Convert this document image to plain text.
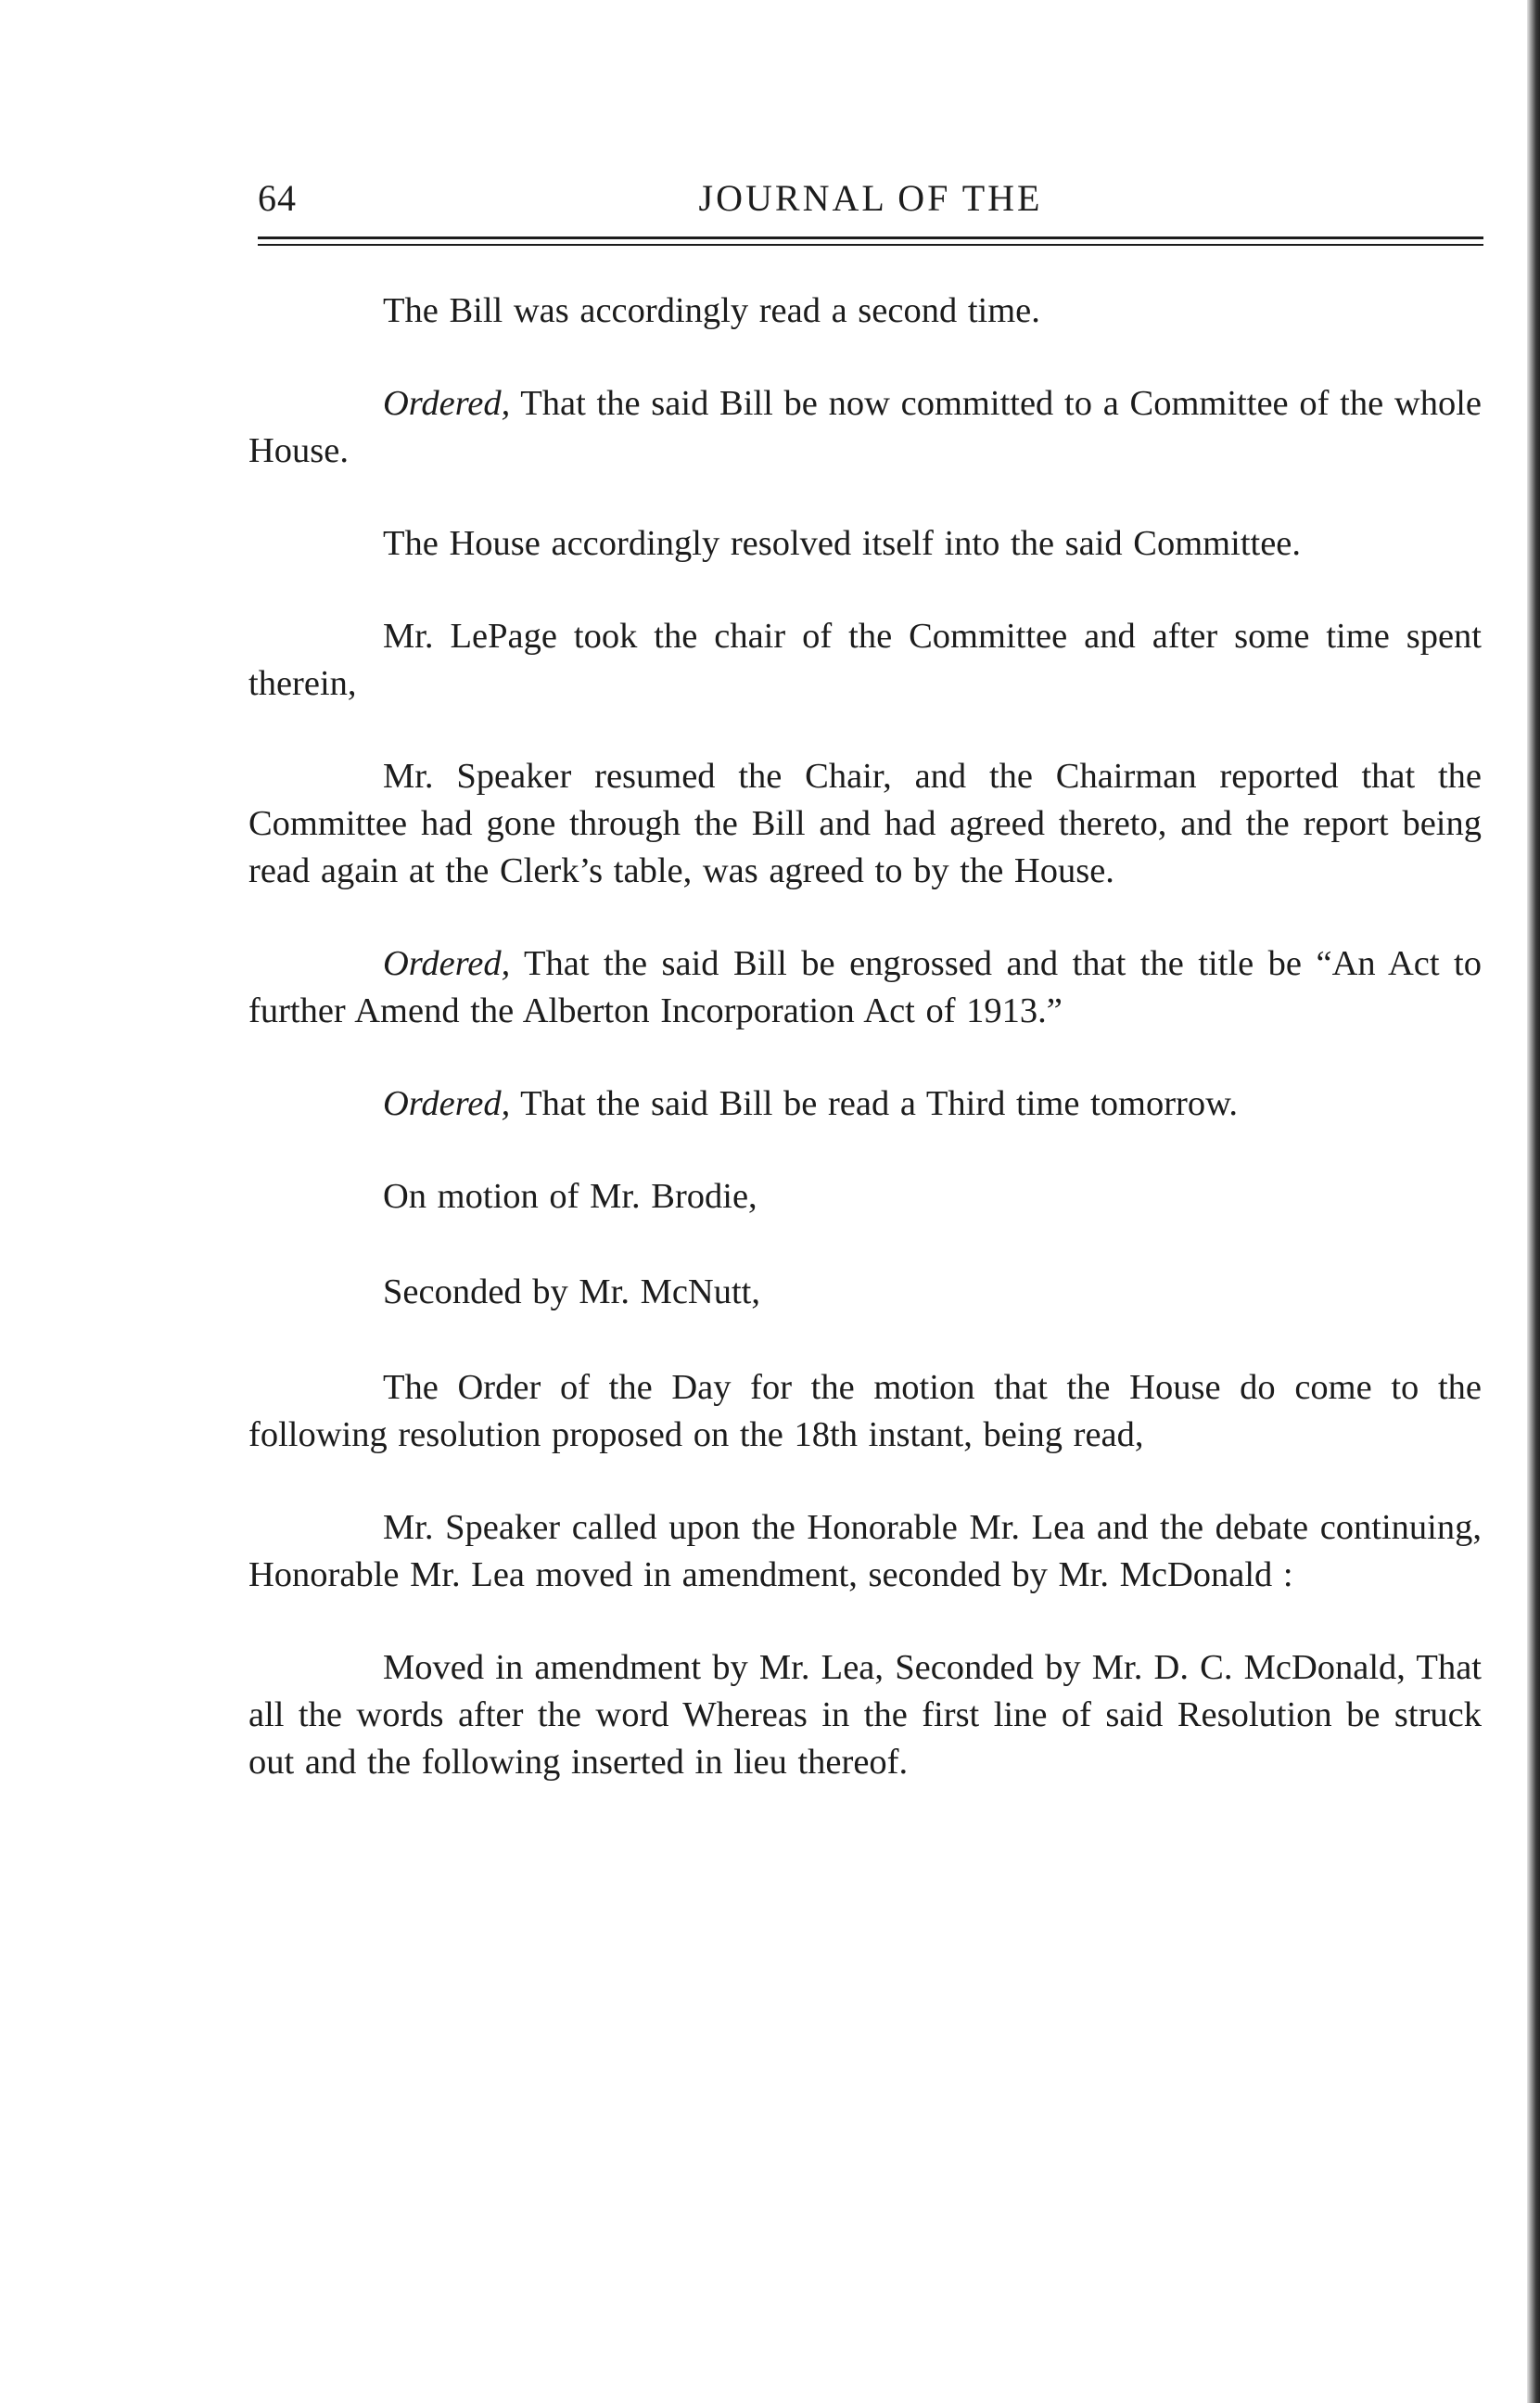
64	JOURNAL OF THE

The Bill was accordingly read a second time.

Ordered, That the said Bill be now committed to a Committee of the whole House.

The House accordingly resolved itself into the said Committee.

Mr. LePage took the chair of the Committee and after some time spent therein,

Mr. Speaker resumed the Chair, and the Chairman reported that the Committee had gone through the Bill and had agreed thereto, and the report being read again at the Clerk’s table, was agreed to by the House.

Ordered, That the said Bill be engrossed and that the title be “An Act to further Amend the Alberton Incorporation Act of 1913.”

Ordered, That the said Bill be read a Third time tomorrow.

On motion of Mr. Brodie,

Seconded by Mr. McNutt,

The Order of the Day for the motion that the House do come to the following resolution proposed on the 18th instant, being read,

Mr. Speaker called upon the Honorable Mr. Lea and the debate continuing, Honorable Mr. Lea moved in amendment, seconded by Mr. McDonald :

Moved in amendment by Mr. Lea, Seconded by Mr. D. C. McDonald, That all the words after the word Whereas in the first line of said Resolution be struck out and the following inserted in lieu thereof.
